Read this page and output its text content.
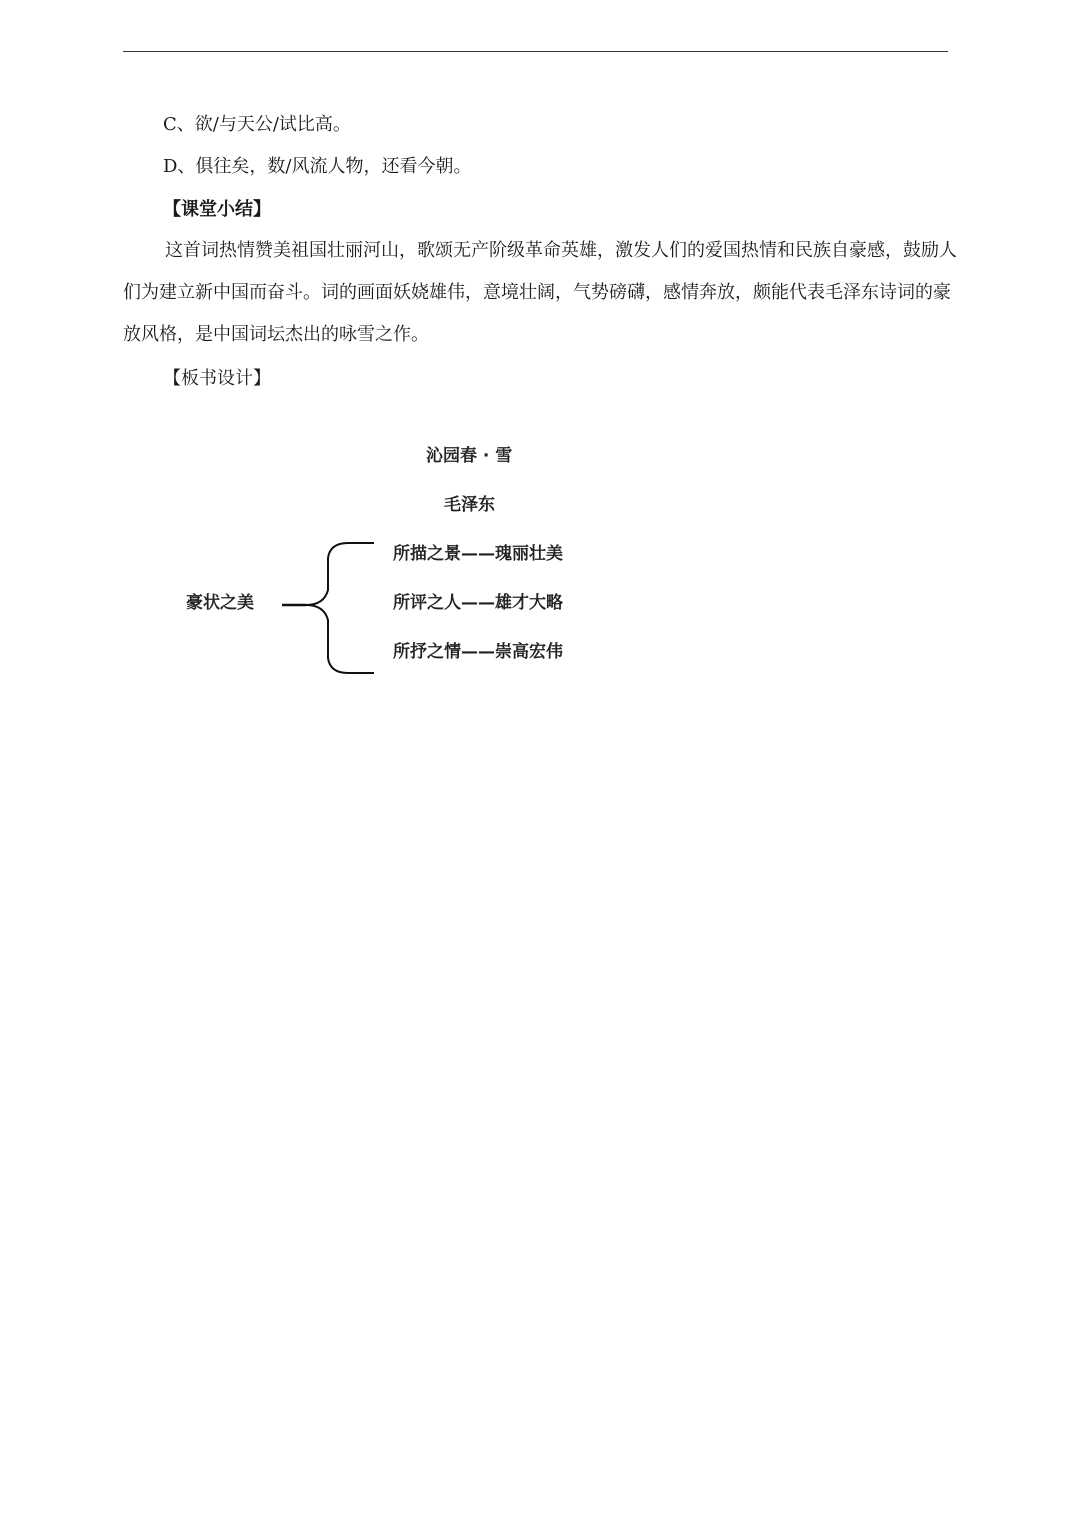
C、欲/与天公/试比高。
D、俱往矣，数/风流人物，还看今朝。
【课堂小结】
这首词热情赞美祖国壮丽河山，歌颂无产阶级革命英雄，激发人们的爱国热情和民族自豪感，鼓励人们为建立新中国而奋斗。词的画面妖娆雄伟，意境壮阔，气势磅礴，感情奔放，颇能代表毛泽东诗词的豪放风格，是中国词坛杰出的咏雪之作。
【板书设计】
沁园春 · 雪
毛泽东
豪状之美
所描之景——瑰丽壮美
所评之人——雄才大略
所抒之情——崇高宏伟
